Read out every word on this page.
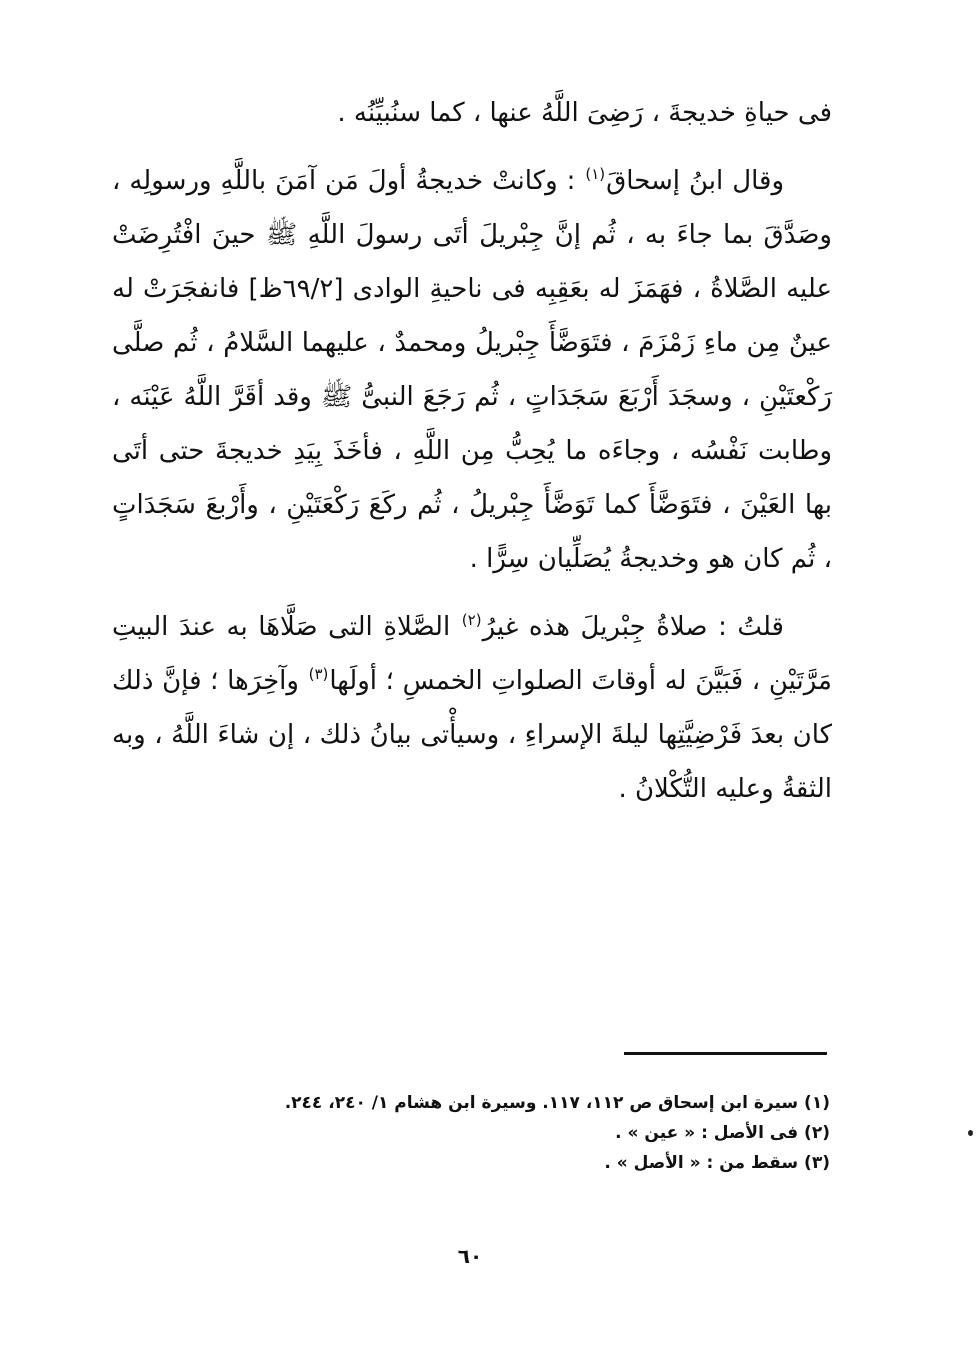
فى حياةِ خديجةَ ، رَضِىَ اللَّهُ عنها ، كما سنُبيِّنُه .

وقال ابنُ إسحاقَ$^{(١)}$ : وكانتْ خديجةُ أولَ مَن آمَنَ باللَّهِ ورسولِه ، وصَدَّقَ بما جاءَ به ، ثُم إنَّ جِبْريلَ أتَى رسولَ اللَّهِ ﷺ حينَ افْتُرِضَتْ عليه الصَّلاةُ ، فهَمَزَ له بعَقِبِه فى ناحيةِ الوادى [٦٩/٢ظ] فانفجَرَتْ له عينٌ مِن ماءِ زَمْزَمَ ، فتَوَضَّأَ جِبْريلُ ومحمدٌ ، عليهما السَّلامُ ، ثُم صلَّى رَكْعتَيْنِ ، وسجَدَ أَرْبَعَ سَجَدَاتٍ ، ثُم رَجَعَ النبىُّ ﷺ وقد أقَرَّ اللَّهُ عَيْنَه ، وطابت نَفْسُه ، وجاءَه ما يُحِبُّ مِن اللَّهِ ، فأخَذَ بِيَدِ خديجةَ حتى أتَى بها العَيْنَ ، فتَوَضَّأَ كما تَوَضَّأَ جِبْريلُ ، ثُم ركَعَ رَكْعَتَيْنِ ، وأَرْبعَ سَجَدَاتٍ ، ثُم كان هو وخديجةُ يُصَلِّيان سِرًّا .

قلتُ : صلاةُ جِبْريلَ هذه غيرُ$^{(٢)}$ الصَّلاةِ التى صَلَّاهَا به عندَ البيتِ مَرَّتَيْنِ ، فَبَيَّنَ له أوقاتَ الصلواتِ الخمسِ ؛ أولَها$^{(٣)}$ وآخِرَها ؛ فإنَّ ذلك كان بعدَ فَرْضِيَّتِها ليلةَ الإسراءِ ، وسيأْتى بيانُ ذلك ، إن شاءَ اللَّهُ ، وبه الثقةُ وعليه التُّكْلانُ .

(١) سيرة ابن إسحاق ص ١١٢، ١١٧. وسيرة ابن هشام ١/ ٢٤٠، ٢٤٤.

(٢) فى الأصل : « عين » .

(٣) سقط من : « الأصل » .

٦٠
